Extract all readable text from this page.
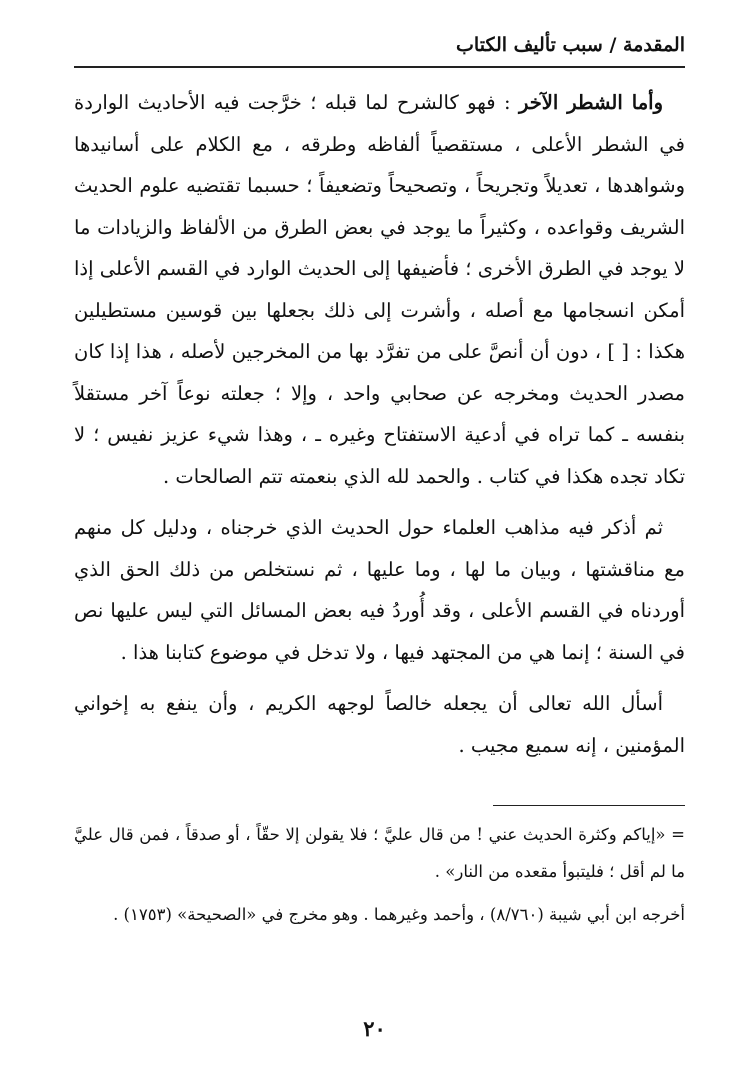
المقدمة / سبب تأليف الكتاب

وأما الشطر الآخر : فهو كالشرح لما قبله ؛ خرَّجت فيه الأحاديث الواردة في الشطر الأعلى ، مستقصياً ألفاظه وطرقه ، مع الكلام على أسانيدها وشواهدها ، تعديلاً وتجريحاً ، وتصحيحاً وتضعيفاً ؛ حسبما تقتضيه علوم الحديث الشريف وقواعده ، وكثيراً ما يوجد في بعض الطرق من الألفاظ والزيادات ما لا يوجد في الطرق الأخرى ؛ فأضيفها إلى الحديث الوارد في القسم الأعلى إذا أمكن انسجامها مع أصله ، وأشرت إلى ذلك بجعلها بين قوسين مستطيلين هكذا : [ ] ، دون أن أنصَّ على من تفرَّد بها من المخرجين لأصله ، هذا إذا كان مصدر الحديث ومخرجه عن صحابي واحد ، وإلا ؛ جعلته نوعاً آخر مستقلاً بنفسه ـ كما تراه في أدعية الاستفتاح وغيره ـ ، وهذا شيء عزيز نفيس ؛ لا تكاد تجده هكذا في كتاب . والحمد لله الذي بنعمته تتم الصالحات .

ثم أذكر فيه مذاهب العلماء حول الحديث الذي خرجناه ، ودليل كل منهم مع مناقشتها ، وبيان ما لها ، وما عليها ، ثم نستخلص من ذلك الحق الذي أوردناه في القسم الأعلى ، وقد أُوردُ فيه بعض المسائل التي ليس عليها نص في السنة ؛ إنما هي من المجتهد فيها ، ولا تدخل في موضوع كتابنا هذا .

أسأل الله تعالى أن يجعله خالصاً لوجهه الكريم ، وأن ينفع به إخواني المؤمنين ، إنه سميع مجيب .

= «إياكم وكثرة الحديث عني ! من قال عليَّ ؛ فلا يقولن إلا حقّاً ، أو صدقاً ، فمن قال عليَّ ما لم أقل ؛ فليتبوأ مقعده من النار» .

أخرجه ابن أبي شيبة (٨/٧٦٠) ، وأحمد وغيرهما . وهو مخرج في «الصحيحة» (١٧٥٣) .

٢٠
